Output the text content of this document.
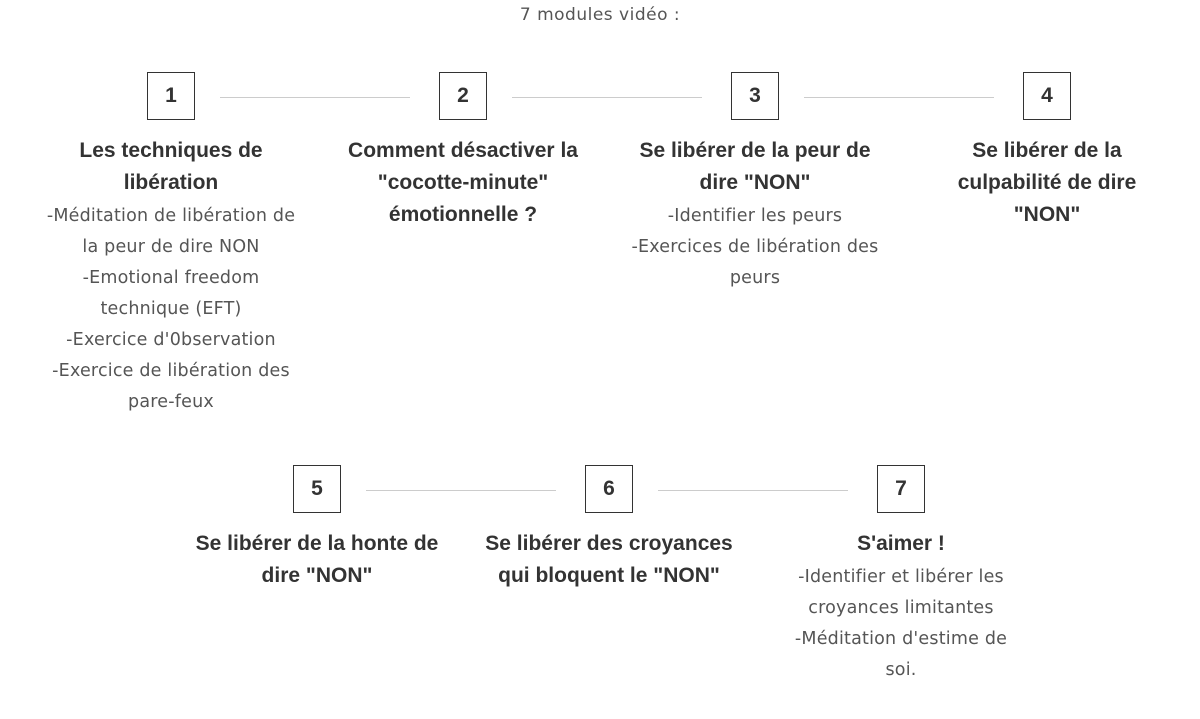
7 modules vidéo :
1
Les techniques de libération
-Méditation de libération de la peur de dire NON
-Emotional freedom technique (EFT)
-Exercice d'0bservation
-Exercice de libération des pare-feux
2
Comment désactiver la "cocotte-minute" émotionnelle ?
3
Se libérer de la peur de dire "NON"
-Identifier les peurs
-Exercices de libération des peurs
4
Se libérer de la culpabilité de dire "NON"
5
Se libérer de la honte de dire "NON"
6
Se libérer des croyances qui bloquent le "NON"
7
S'aimer !
-Identifier et libérer les croyances limitantes
-Méditation d'estime de soi.
